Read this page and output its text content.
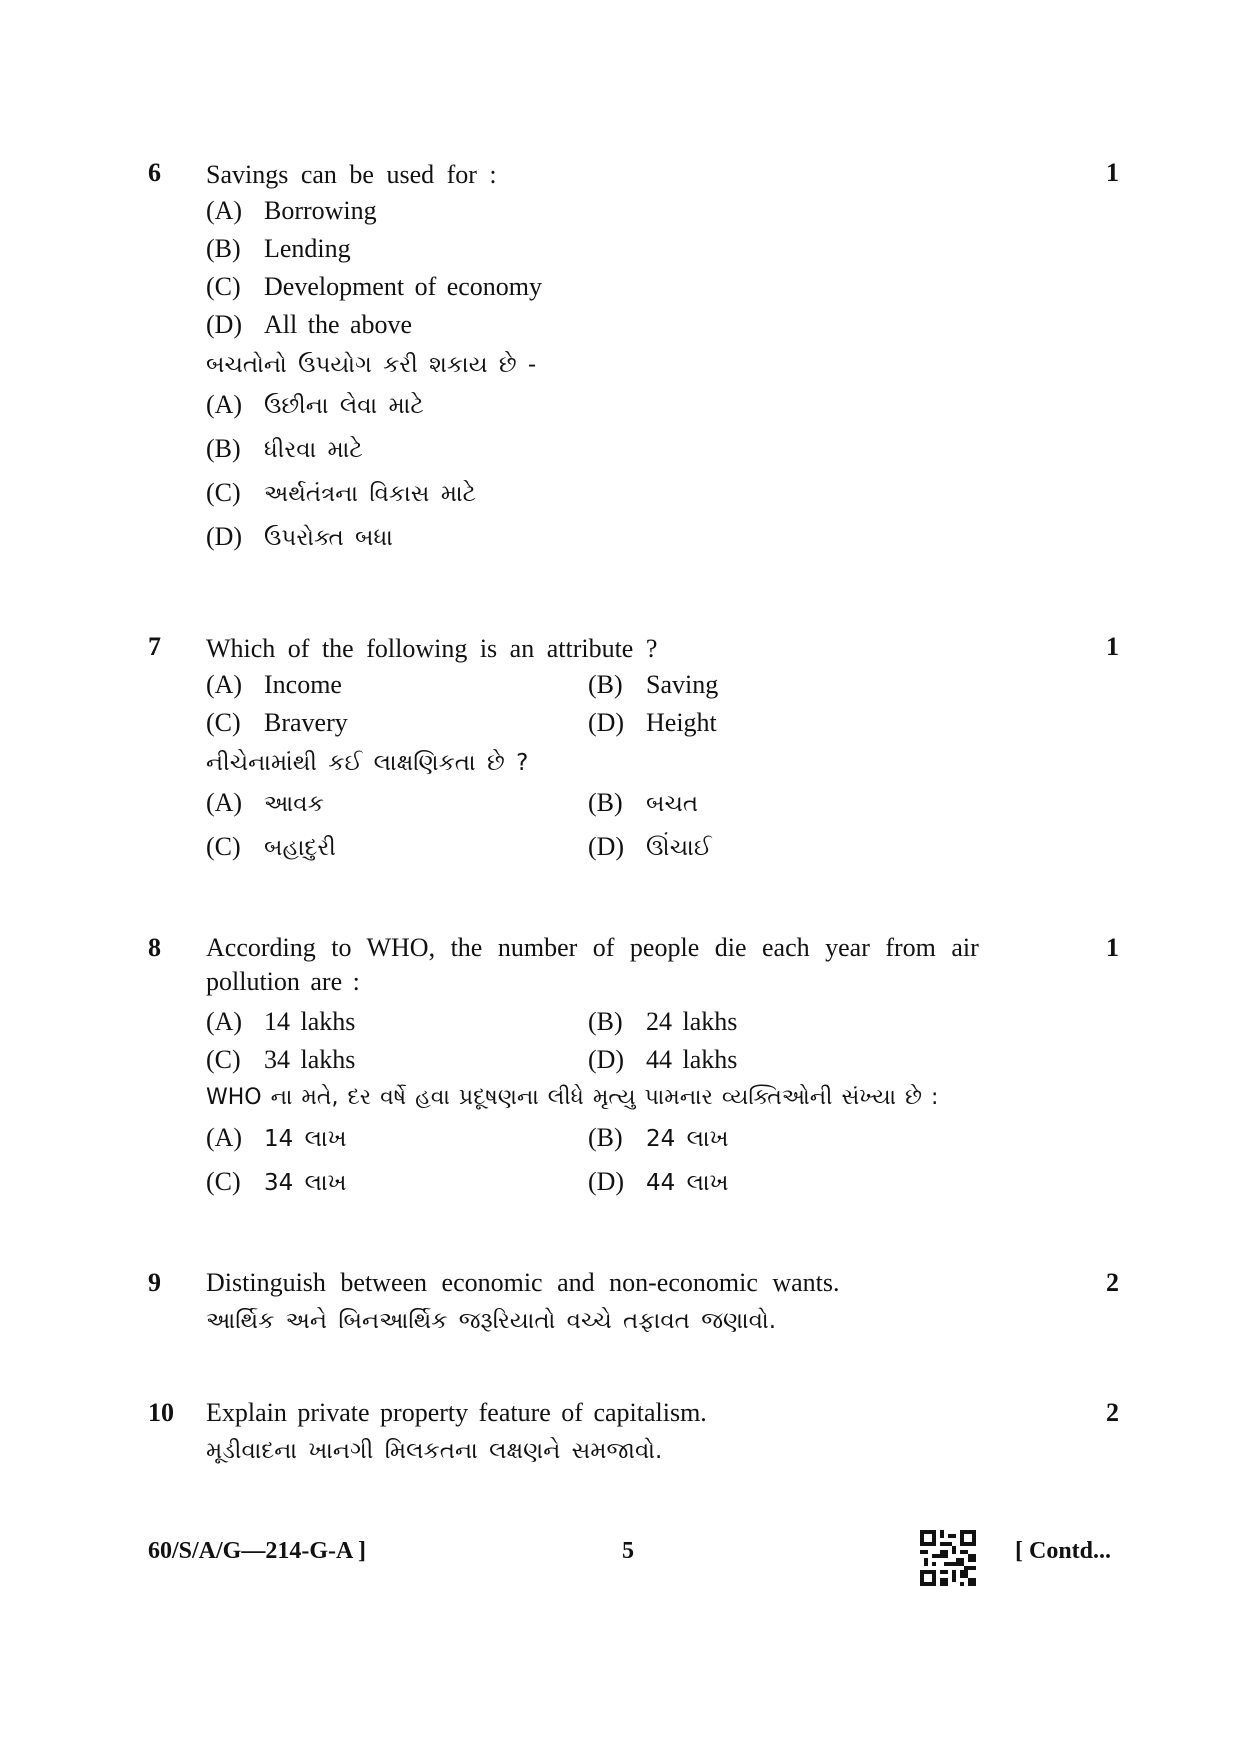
6 Savings can be used for :	1
(A) Borrowing
(B) Lending
(C) Development of economy
(D) All the above
બચતોનો ઉપયોગ કરી શકાય છે -
(A) ઉછીના લેવા માટે
(B) ધીરવા માટે
(C) અર્થતંત્રના વિકાસ માટે
(D) ઉપરોક્ત બધા
7 Which of the following is an attribute ?	1
(A) Income	(B) Saving
(C) Bravery	(D) Height
નીચેનામાંથી કઈ લાક્ષણિકતા છે ?
(A) આવક	(B) બચત
(C) બહાદુરી	(D) ઊંચાઈ
8 According to WHO, the number of people die each year from air
pollution are :
1
(A) 14 lakhs	(B) 24 lakhs
(C) 34 lakhs	(D) 44 lakhs
WHO ના મતે, દર વર્ષે હવા પ્રદૂષણના લીધે મૃત્યુ પામનાર વ્યક્તિઓની સંખ્યા છે :
(A) 14 લાખ	(B) 24 લાખ
(C) 34 લાખ	(D) 44 લાખ
9 Distinguish between economic and non-economic wants.	2
આર્થિક અને બિનઆર્થિક જરૂરિયાતો વચ્ચે તફાવત જણાવો.
10 Explain private property feature of capitalism.	2
મૂડીવાદના ખાનગી મિલકતના લક્ષણને સમજાવો.
60/S/A/G—214-G-A ]	5	[ Contd...
